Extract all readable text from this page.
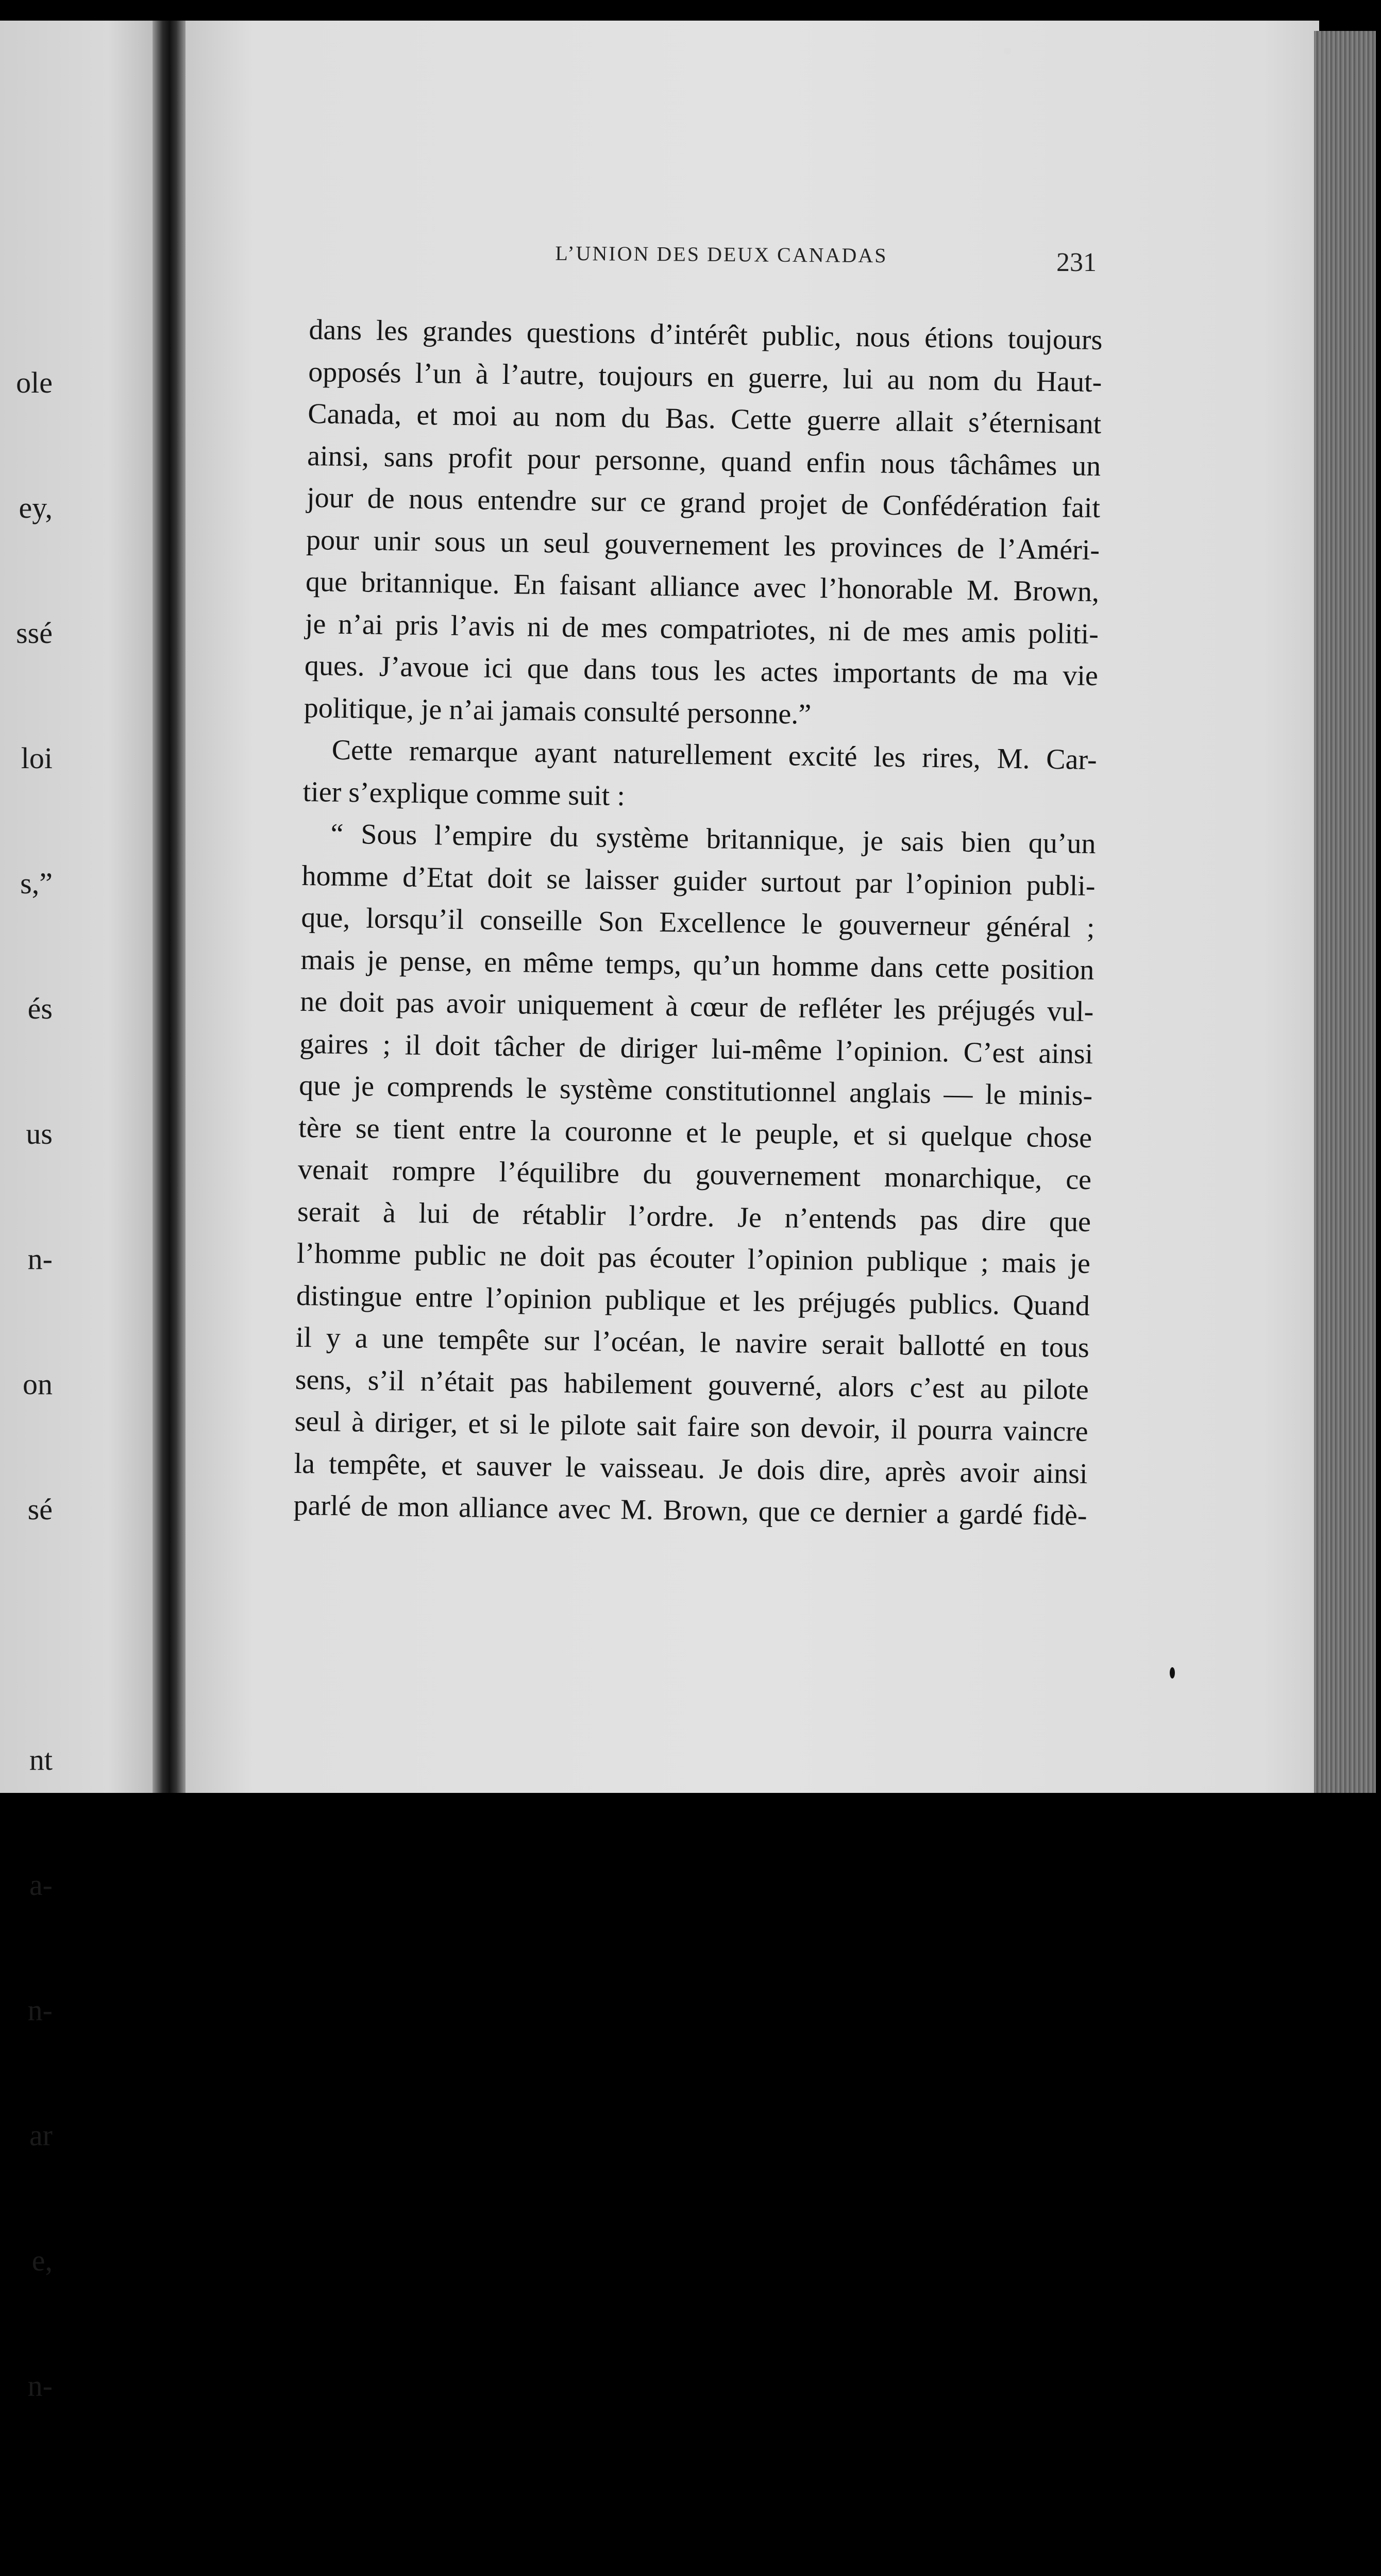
ole

ey,

ssé

loi

s,”

és

us

n-

on

sé

nt

a-

n-

ar

e,

n-

L’UNION DES DEUX CANADAS	231
dans les grandes questions d’intérêt public, nous étions toujours
opposés l’un à l’autre, toujours en guerre, lui au nom du Haut-
Canada, et moi au nom du Bas. Cette guerre allait s’éternisant
ainsi, sans profit pour personne, quand enfin nous tâchâmes un
jour de nous entendre sur ce grand projet de Confédération fait
pour unir sous un seul gouvernement les provinces de l’Améri-
que britannique. En faisant alliance avec l’honorable M. Brown,
je n’ai pris l’avis ni de mes compatriotes, ni de mes amis politi-
ques. J’avoue ici que dans tous les actes importants de ma vie
politique, je n’ai jamais consulté personne.”
Cette remarque ayant naturellement excité les rires, M. Car-
tier s’explique comme suit :
“ Sous l’empire du système britannique, je sais bien qu’un
homme d’Etat doit se laisser guider surtout par l’opinion publi-
que, lorsqu’il conseille Son Excellence le gouverneur général ;
mais je pense, en même temps, qu’un homme dans cette position
ne doit pas avoir uniquement à cœur de refléter les préjugés vul-
gaires ; il doit tâcher de diriger lui-même l’opinion. C’est ainsi
que je comprends le système constitutionnel anglais — le minis-
tère se tient entre la couronne et le peuple, et si quelque chose
venait rompre l’équilibre du gouvernement monarchique, ce
serait à lui de rétablir l’ordre. Je n’entends pas dire que
l’homme public ne doit pas écouter l’opinion publique ; mais je
distingue entre l’opinion publique et les préjugés publics. Quand
il y a une tempête sur l’océan, le navire serait ballotté en tous
sens, s’il n’était pas habilement gouverné, alors c’est au pilote
seul à diriger, et si le pilote sait faire son devoir, il pourra vaincre
la tempête, et sauver le vaisseau. Je dois dire, après avoir ainsi
parlé de mon alliance avec M. Brown, que ce dernier a gardé fidè-
